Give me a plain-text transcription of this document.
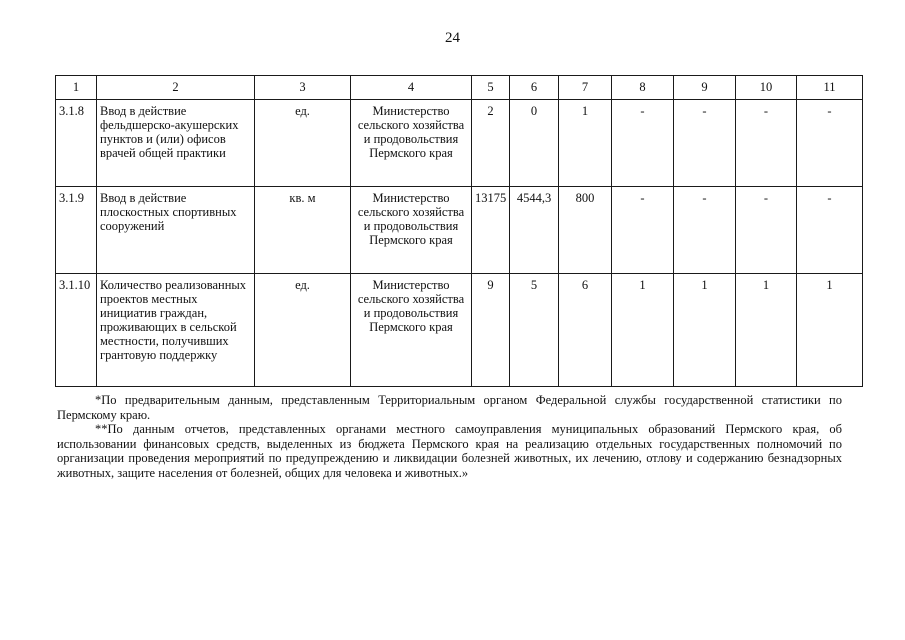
24
1	2	3	4	5	6	7	8	9	10	11
3.1.8	Ввод в действие фельдшерско-акушерских пунктов и (или) офисов врачей общей практики	ед.	Министерство сельского хозяйства и продовольствия Пермского края	2	0	1	-	-	-	-
3.1.9	Ввод в действие плоскостных спортивных сооружений	кв. м	Министерство сельского хозяйства и продовольствия Пермского края	13175	4544,3	800	-	-	-	-
3.1.10	Количество реализованных проектов местных инициатив граждан, проживающих в сельской местности, получивших грантовую поддержку	ед.	Министерство сельского хозяйства и продовольствия Пермского края	9	5	6	1	1	1	1

*По предварительным данным, представленным Территориальным органом Федеральной службы государственной статистики по Пермскому краю.

**По данным отчетов, представленных органами местного самоуправления муниципальных образований Пермского края, об использовании финансовых средств, выделенных из бюджета Пермского края на реализацию отдельных государственных полномочий по организации проведения мероприятий по предупреждению и ликвидации болезней животных, их лечению, отлову и содержанию безнадзорных животных, защите населения от болезней, общих для человека и животных.»
